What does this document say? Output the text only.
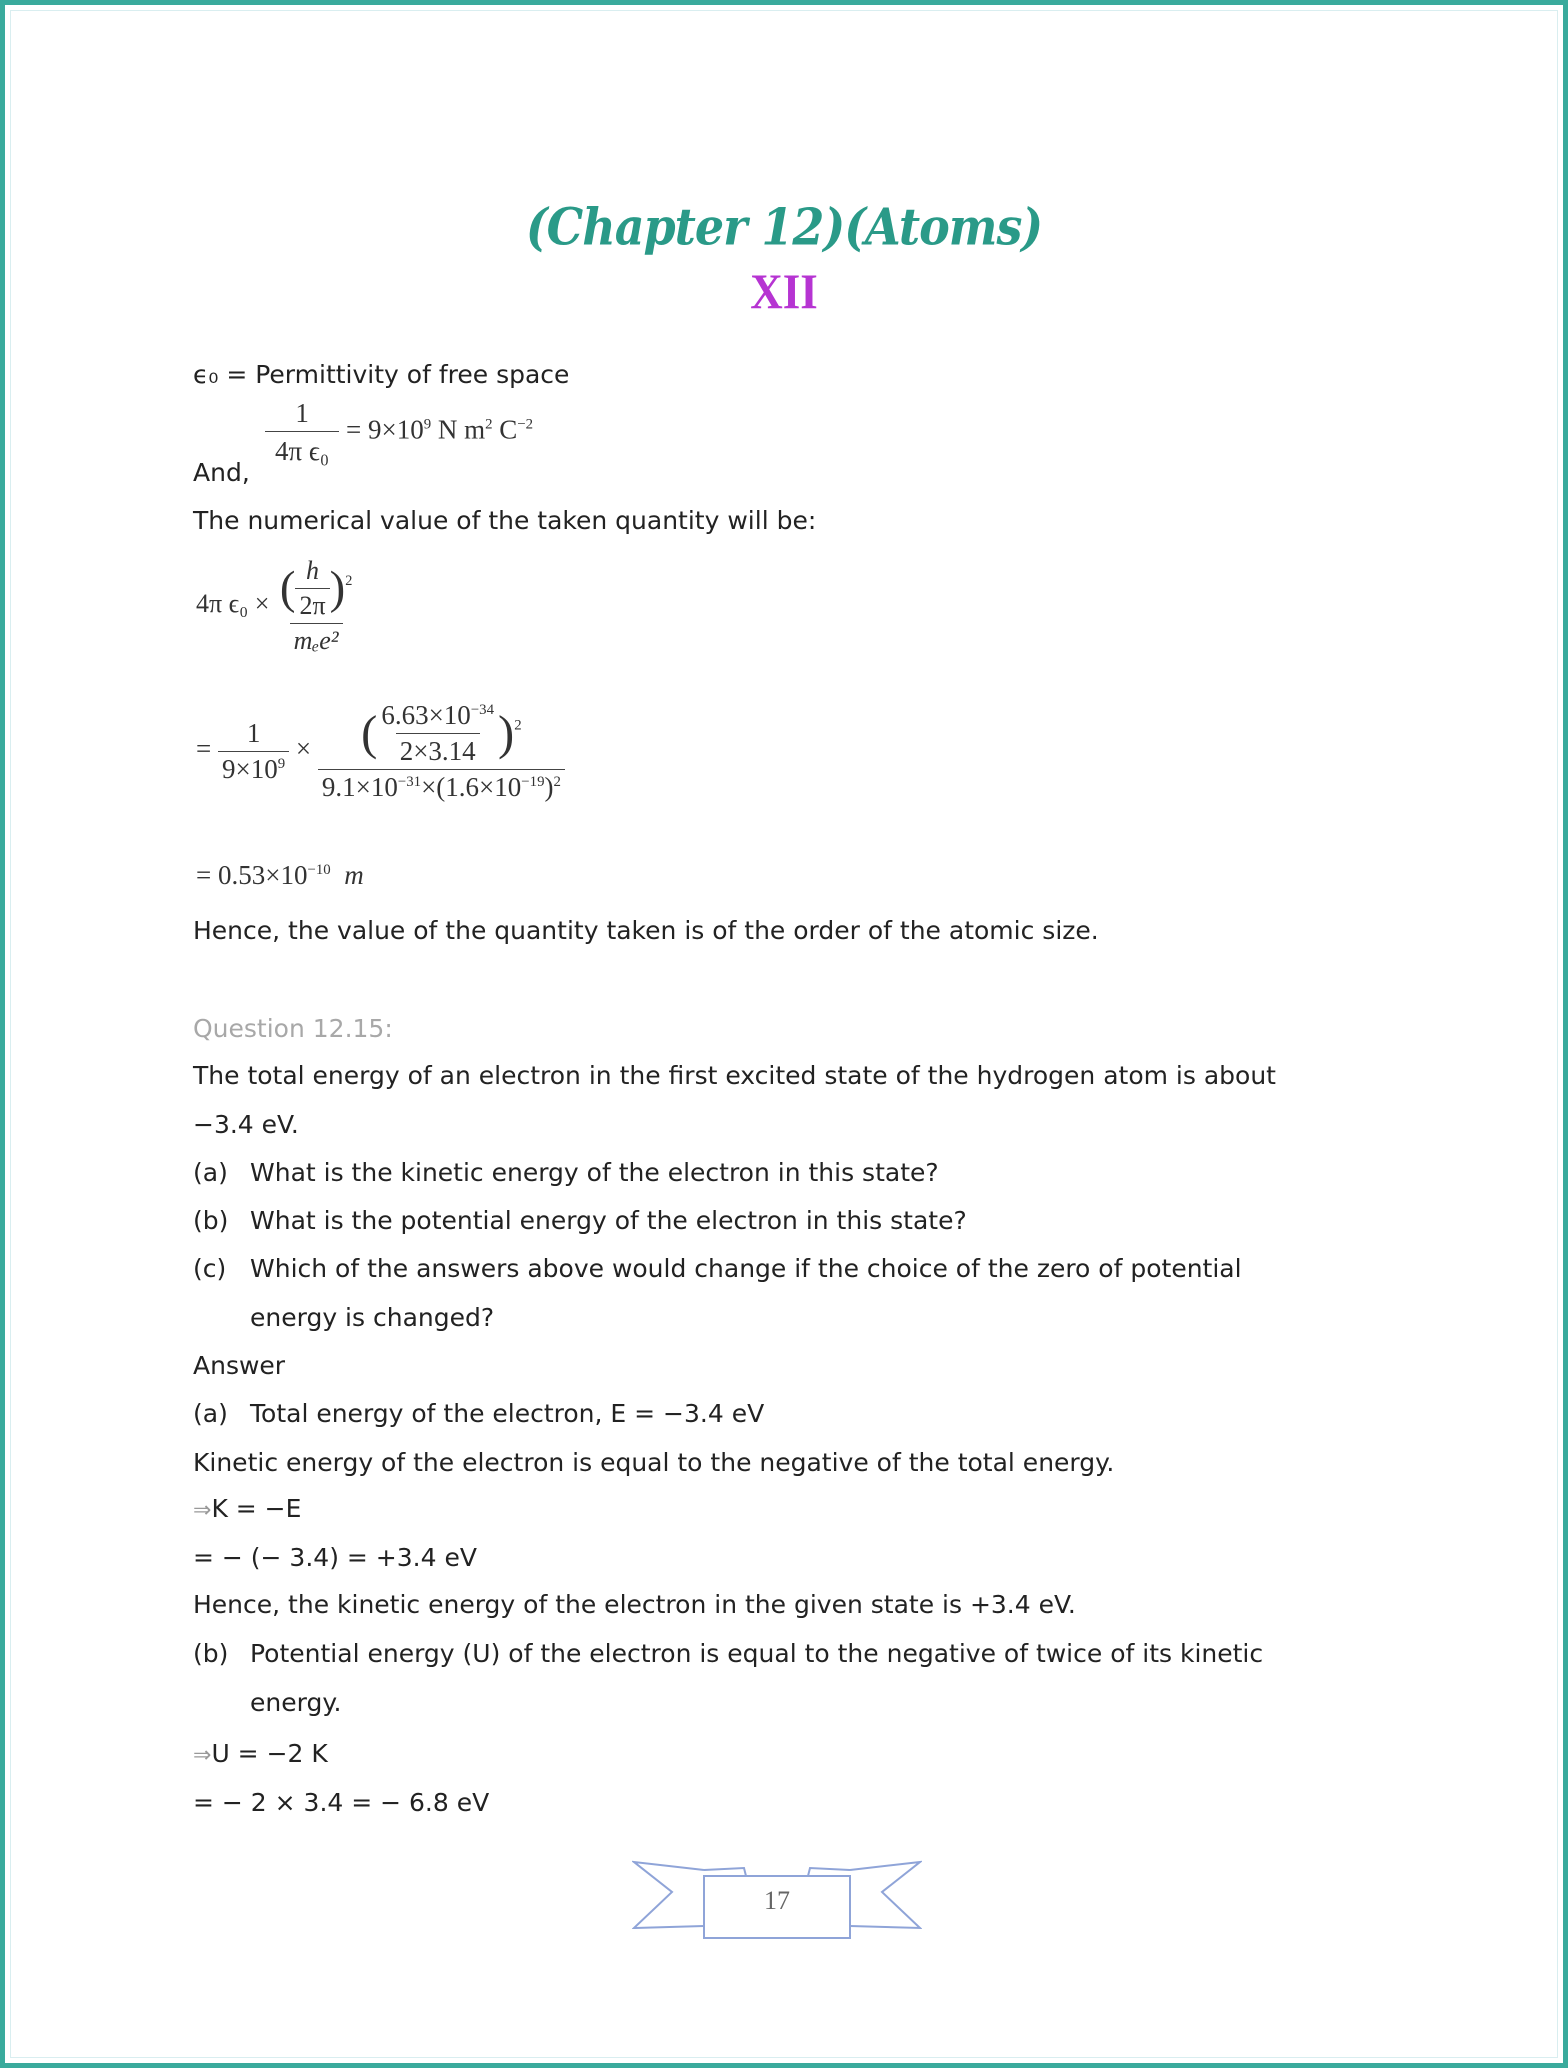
(Chapter 12)(Atoms)
XII
ϵ₀ = Permittivity of free space
$\frac{1}{\text{4π ϵ₀}} = 9\times 10^9$ N $m^2$ $C^{-2}$
And,
The numerical value of the taken quantity will be:
4π $\epsilon_0 \times \frac{( \frac{h}{2\pi} )^2}{\text{mₑe²}}$
= $\frac{1}{9\times 10^9} \times \frac{( \frac{6.63\times 10^{-34}}{2\times 3.14} )^2}{9.1\times 10^{-31}\times(1.6\times 10^{-19})^2}$
= $0.53\times 10^{-10}$ m
Hence, the value of the quantity taken is of the order of the atomic size.
Question 12.15:
The total energy of an electron in the first excited state of the hydrogen atom is about
−3.4 eV.
(a) What is the kinetic energy of the electron in this state?
(b) What is the potential energy of the electron in this state?
(c) Which of the answers above would change if the choice of the zero of potential
energy is changed?
Answer
(a) Total energy of the electron, E = −3.4 eV
Kinetic energy of the electron is equal to the negative of the total energy.
⇒K = −E
= − (− 3.4) = +3.4 eV
Hence, the kinetic energy of the electron in the given state is +3.4 eV.
(b) Potential energy (U) of the electron is equal to the negative of twice of its kinetic
energy.
⇒U = −2 K
= − 2 × 3.4 = − 6.8 eV
17
